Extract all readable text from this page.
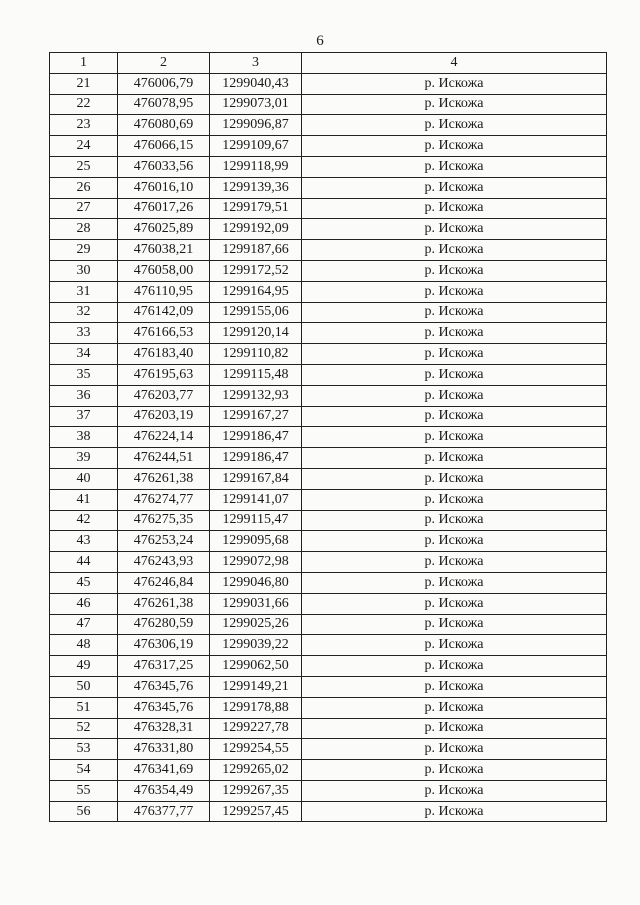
6
1	2	3	4
21	476006,79	1299040,43	р. Искожа
22	476078,95	1299073,01	р. Искожа
23	476080,69	1299096,87	р. Искожа
24	476066,15	1299109,67	р. Искожа
25	476033,56	1299118,99	р. Искожа
26	476016,10	1299139,36	р. Искожа
27	476017,26	1299179,51	р. Искожа
28	476025,89	1299192,09	р. Искожа
29	476038,21	1299187,66	р. Искожа
30	476058,00	1299172,52	р. Искожа
31	476110,95	1299164,95	р. Искожа
32	476142,09	1299155,06	р. Искожа
33	476166,53	1299120,14	р. Искожа
34	476183,40	1299110,82	р. Искожа
35	476195,63	1299115,48	р. Искожа
36	476203,77	1299132,93	р. Искожа
37	476203,19	1299167,27	р. Искожа
38	476224,14	1299186,47	р. Искожа
39	476244,51	1299186,47	р. Искожа
40	476261,38	1299167,84	р. Искожа
41	476274,77	1299141,07	р. Искожа
42	476275,35	1299115,47	р. Искожа
43	476253,24	1299095,68	р. Искожа
44	476243,93	1299072,98	р. Искожа
45	476246,84	1299046,80	р. Искожа
46	476261,38	1299031,66	р. Искожа
47	476280,59	1299025,26	р. Искожа
48	476306,19	1299039,22	р. Искожа
49	476317,25	1299062,50	р. Искожа
50	476345,76	1299149,21	р. Искожа
51	476345,76	1299178,88	р. Искожа
52	476328,31	1299227,78	р. Искожа
53	476331,80	1299254,55	р. Искожа
54	476341,69	1299265,02	р. Искожа
55	476354,49	1299267,35	р. Искожа
56	476377,77	1299257,45	р. Искожа
